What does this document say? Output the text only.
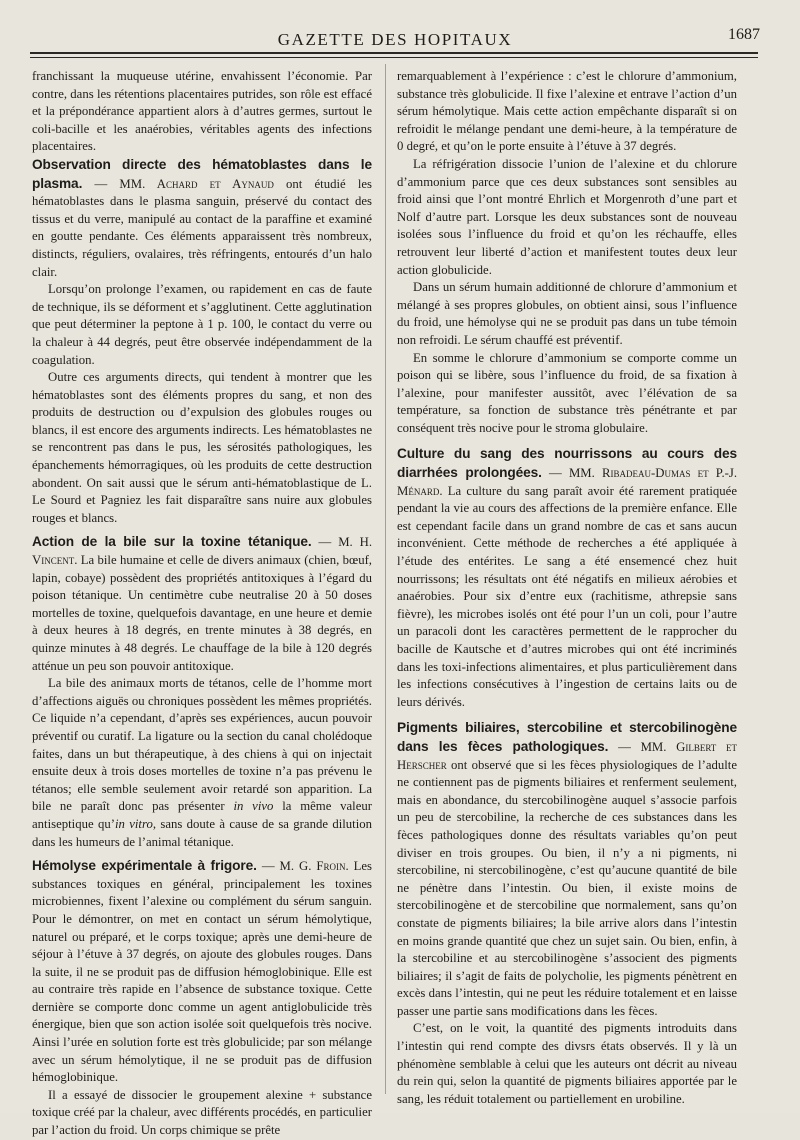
GAZETTE DES HOPITAUX	1687

franchissant la muqueuse utérine, envahissent l’économie. Par contre, dans les rétentions placentaires putrides, son rôle est effacé et la prépondérance appartient alors à d’autres germes, surtout le coli-bacille et les anaérobies, véritables agents des infections placentaires.

Observation directe des hématoblastes dans le plasma. — MM. Achard et Aynaud ont étudié les hématoblastes dans le plasma sanguin, préservé du contact des tissus et du verre, manipulé au contact de la paraffine et examiné en goutte pendante. Ces éléments apparaissent très nombreux, distincts, réguliers, ovalaires, très réfringents, entourés d’un halo clair.

Lorsqu’on prolonge l’examen, ou rapidement en cas de faute de technique, ils se déforment et s’agglutinent. Cette agglutination que peut déterminer la peptone à 1 p. 100, le contact du verre ou la chaleur à 44 degrés, peut être observée indépendamment de la coagulation.

Outre ces arguments directs, qui tendent à montrer que les hématoblastes sont des éléments propres du sang, et non des produits de destruction ou d’expulsion des globules rouges ou blancs, il est encore des arguments indirects. Les hématoblastes ne se rencontrent pas dans le pus, les sérosités pathologiques, les épanchements hémorragiques, où les produits de cette destruction abondent. On sait aussi que le sérum anti-hématoblastique de L. Le Sourd et Pagniez les fait disparaître sans nuire aux globules rouges et blancs.

Action de la bile sur la toxine tétanique. — M. H. Vincent. La bile humaine et celle de divers animaux (chien, bœuf, lapin, cobaye) possèdent des propriétés antitoxiques à l’égard du poison tétanique. Un centimètre cube neutralise 20 à 50 doses mortelles de toxine, quelquefois davantage, en une heure et demie à deux heures à 18 degrés, en trente minutes à 38 degrés, en quinze minutes à 48 degrés. Le chauffage de la bile à 120 degrés atténue un peu son pouvoir antitoxique.

La bile des animaux morts de tétanos, celle de l’homme mort d’affections aiguës ou chroniques possèdent les mêmes propriétés. Ce liquide n’a cependant, d’après ses expériences, aucun pouvoir préventif ou curatif. La ligature ou la section du canal cholédoque faites, dans un but thérapeutique, à des chiens à qui on injectait ensuite deux à trois doses mortelles de toxine n’a pas prévenu le tétanos; elle semble seulement avoir retardé son apparition. La bile ne paraît donc pas présenter in vivo la même valeur antiseptique qu’in vitro, sans doute à cause de sa grande dilution dans les humeurs de l’animal tétanique.

Hémolyse expérimentale à frigore. — M. G. Froin. Les substances toxiques en général, principalement les toxines microbiennes, fixent l’alexine ou complément du sérum sanguin. Pour le démontrer, on met en contact un sérum hémolytique, naturel ou préparé, et le corps toxique; après une demi-heure de séjour à l’étuve à 37 degrés, on ajoute des globules rouges. Dans la suite, il ne se produit pas de diffusion hémoglobinique. Elle est au contraire très rapide en l’absence de substance toxique. Cette dernière se comporte donc comme un agent antiglobulicide très énergique, bien que son action isolée soit quelquefois très nocive. Ainsi l’urée en solution forte est très globulicide; par son mélange avec un sérum hémolytique, il ne se produit pas de diffusion hémoglobinique.

Il a essayé de dissocier le groupement alexine + substance toxique créé par la chaleur, avec différents procédés, en particulier par l’action du froid. Un corps chimique se prête

remarquablement à l’expérience : c’est le chlorure d’ammonium, substance très globulicide. Il fixe l’alexine et entrave l’action d’un sérum hémolytique. Mais cette action empêchante disparaît si on refroidit le mélange pendant une demi-heure, à la température de 0 degré, et qu’on le porte ensuite à l’étuve à 37 degrés.

La réfrigération dissocie l’union de l’alexine et du chlorure d’ammonium parce que ces deux substances sont sensibles au froid ainsi que l’ont montré Ehrlich et Morgenroth d’une part et Nolf d’autre part. Lorsque les deux substances sont de nouveau isolées sous l’influence du froid et qu’on les réchauffe, elles retrouvent leur liberté d’action et manifestent toutes deux leur action globulicide.

Dans un sérum humain additionné de chlorure d’ammonium et mélangé à ses propres globules, on obtient ainsi, sous l’influence du froid, une hémolyse qui ne se produit pas dans un tube témoin non refroidi. Le sérum chauffé est préventif.

En somme le chlorure d’ammonium se comporte comme un poison qui se libère, sous l’influence du froid, de sa fixation à l’alexine, pour manifester aussitôt, avec l’élévation de sa température, sa fonction de substance très pénétrante et par conséquent très nocive pour le stroma globulaire.

Culture du sang des nourrissons au cours des diarrhées prolongées. — MM. Ribadeau-Dumas et P.-J. Ménard. La culture du sang paraît avoir été rarement pratiquée pendant la vie au cours des affections de la première enfance. Elle est cependant facile dans un grand nombre de cas et sans aucun inconvénient. Cette méthode de recherches a été appliquée à l’étude des entérites. Le sang a été ensemencé chez huit nourrissons; les résultats ont été négatifs en milieux aérobies et anaérobies. Pour six d’entre eux (rachitisme, athrepsie sans fièvre), les microbes isolés ont été pour l’un un coli, pour l’autre un paracoli dont les caractères permettent de le rapprocher du bacille de Kautsche et d’autres microbes qui ont été incriminés dans les toxi-infections alimentaires, et plus particulièrement dans les infections consécutives à l’ingestion de certains laits ou de leurs dérivés.

Pigments biliaires, stercobiline et stercobilinogène dans les fèces pathologiques. — MM. Gilbert et Herscher ont observé que si les fèces physiologiques de l’adulte ne contiennent pas de pigments biliaires et renferment seulement, mais en abondance, du stercobilinogène auquel s’associe parfois un peu de stercobiline, la recherche de ces substances dans les fèces pathologiques donne des résultats variables qu’on peut diviser en trois groupes. Ou bien, il n’y a ni pigments, ni stercobiline, ni stercobilinogène, c’est qu’aucune quantité de bile ne pénètre dans l’intestin. Ou bien, il existe moins de stercobilinogène et de stercobiline que normalement, sans qu’on constate de pigments biliaires; la bile arrive alors dans l’intestin en moins grande quantité que chez un sujet sain. Ou bien, enfin, à la stercobiline et au stercobilinogène s’associent des pigments biliaires; il s’agit de faits de polycholie, les pigments pénètrent en excès dans l’intestin, qui ne peut les réduire totalement et en laisse passer une partie sans modifications dans les fèces.

C’est, on le voit, la quantité des pigments introduits dans l’intestin qui rend compte des divsrs états observés. Il y là un phénomène semblable à celui que les auteurs ont décrit au niveau du rein qui, selon la quantité de pigments biliaires apportée par le sang, les réduit totalement ou partiellement en urobiline.
